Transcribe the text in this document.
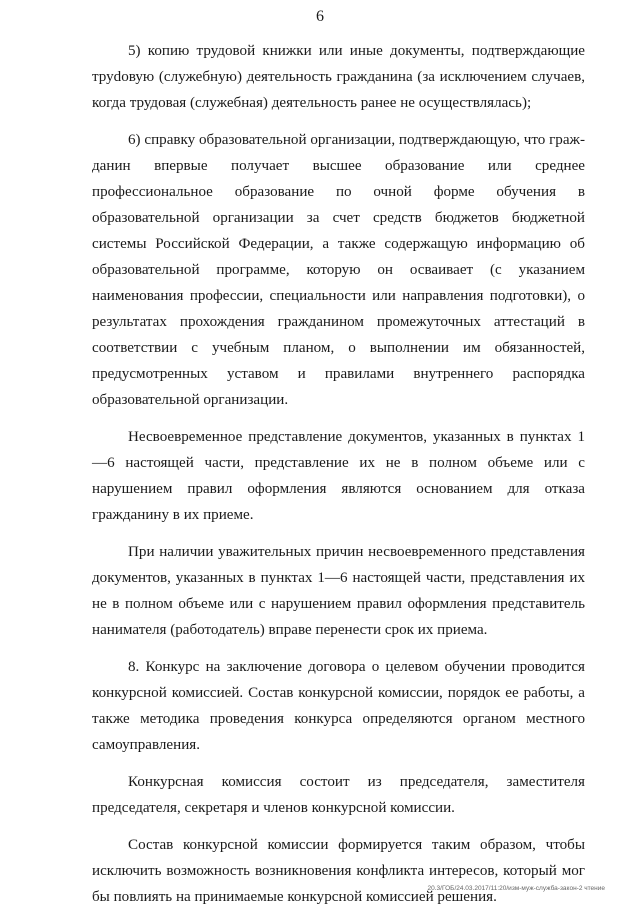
6

5) копию трудовой книжки или иные документы, подтверждающие труdовую (служебную) деятельность гражданина (за исключением случаев, когда трудовая (служебная) деятельность ранее не осуществлялась);

6) справку образовательной организации, подтверждающую, что гражданин впервые получает высшее образование или среднее профессиональное образование по очной форме обучения в образовательной организации за счет средств бюджетов бюджетной системы Российской Федерации, а также содержащую информацию об образовательной программе, которую он осваивает (с указанием наименования профессии, специальности или направления подготовки), о результатах прохождения гражданином промежуточных аттестаций в соответствии с учебным планом, о выполнении им обязанностей, предусмотренных уставом и правилами внутреннего распорядка образовательной организации.

Несвоевременное представление документов, указанных в пунктах 1—6 настоящей части, представление их не в полном объеме или с нарушением правил оформления являются основанием для отказа гражданину в их приеме.

При наличии уважительных причин несвоевременного представления документов, указанных в пунктах 1—6 настоящей части, представления их не в полном объеме или с нарушением правил оформления представитель нанимателя (работодатель) вправе перенести срок их приема.

8. Конкурс на заключение договора о целевом обучении проводится конкурсной комиссией. Состав конкурсной комиссии, порядок ее работы, а также методика проведения конкурса определяются органом местного самоуправления.

Конкурсная комиссия состоит из председателя, заместителя председателя, секретаря и членов конкурсной комиссии.

Состав конкурсной комиссии формируется таким образом, чтобы исключить возможность возникновения конфликта интересов, который мог бы повлиять на принимаемые конкурсной комиссией решения.

20.3/ГОБ/24.03.2017/11:20/изм-муж-служба-закон-2 чтение
